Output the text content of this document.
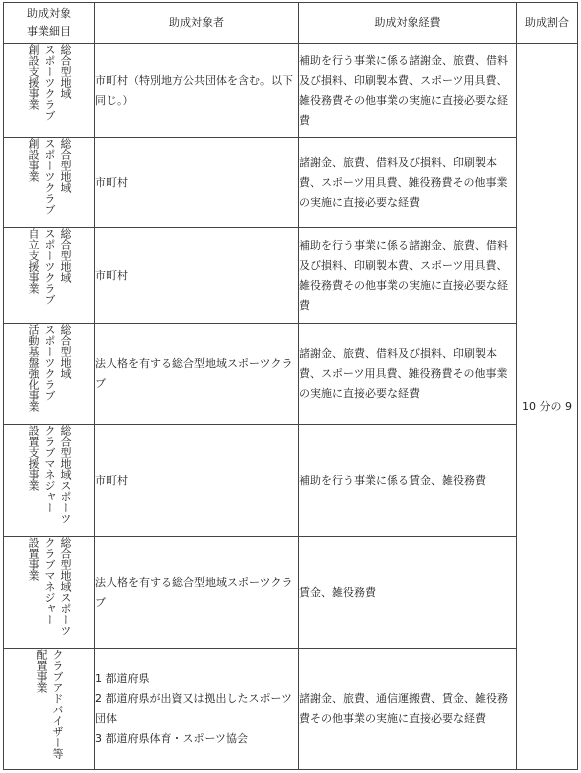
助成対象
事業細目	助成対象者	助成対象経費	助成割合

総合型地域
スポーツクラブ
創設支援事業	市町村（特別地方公共団体を含む。以下同じ。）	補助を行う事業に係る諸謝金、旅費、借料及び損料、印刷製本費、スポーツ用具費、雑役務費その他事業の実施に直接必要な経費	10 分の 9

総合型地域
スポーツクラブ
創設事業	市町村	諸謝金、旅費、借料及び損料、印刷製本費、スポーツ用具費、雑役務費その他事業の実施に直接必要な経費	

総合型地域
スポーツクラブ
自立支援事業	市町村	補助を行う事業に係る諸謝金、旅費、借料及び損料、印刷製本費、スポーツ用具費、雑役務費その他事業の実施に直接必要な経費	

総合型地域
スポーツクラブ
活動基盤強化事業	法人格を有する総合型地域スポーツクラブ	諸謝金、旅費、借料及び損料、印刷製本費、スポーツ用具費、雑役務費その他事業の実施に直接必要な経費	

総合型地域スポーツ
クラブマネジャー
設置支援事業	市町村	補助を行う事業に係る賃金、雑役務費	

総合型地域スポーツ
クラブマネジャー
設置事業	法人格を有する総合型地域スポーツクラブ	賃金、雑役務費	

クラブアドバイザー等
配置事業	1 都道府県
2 都道府県が出資又は拠出したスポーツ団体
3 都道府県体育・スポーツ協会	諸謝金、旅費、通信運搬費、賃金、雑役務費その他事業の実施に直接必要な経費	
